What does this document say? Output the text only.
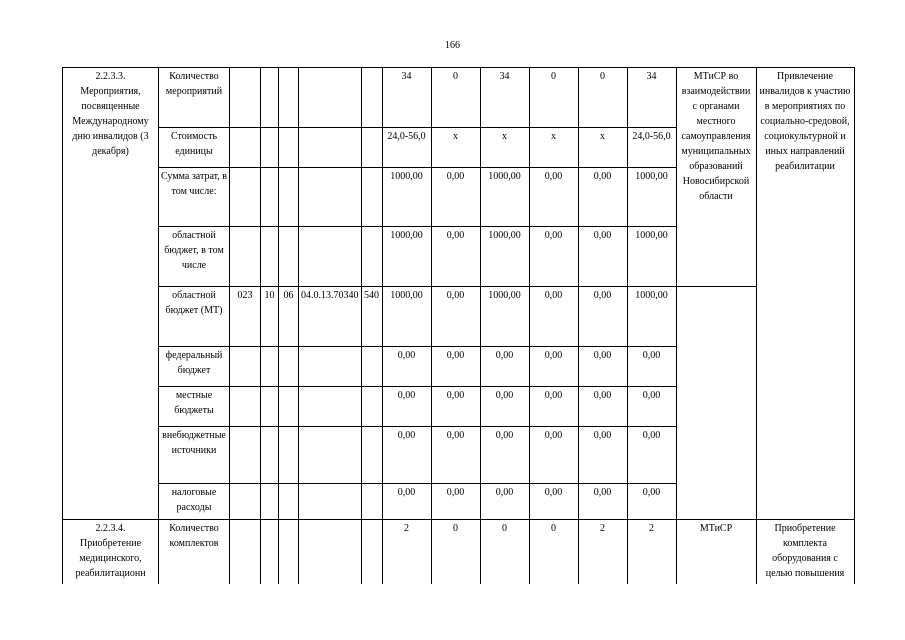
166
2.2.3.3. Мероприятия, посвященные Международному дню инвалидов (3 декабря)	Количество мероприятий						34	0	34	0	0	34	МТиСР во взаимодействии с органами местного самоуправления муниципальных образований Новосибирской области	Привлечение инвалидов к участию в мероприятиях по социально-средовой, социокультурной и иных направлений реабилитации
	Стоимость единицы						24,0-56,0	x	x	x	x	24,0-56,0		
	Сумма затрат, в том числе:						1000,00	0,00	1000,00	0,00	0,00	1000,00		
	областной бюджет, в том числе						1000,00	0,00	1000,00	0,00	0,00	1000,00		
	областной бюджет (МТ)	023	10	06	04.0.13.70340	540	1000,00	0,00	1000,00	0,00	0,00	1000,00		
	федеральный бюджет						0,00	0,00	0,00	0,00	0,00	0,00		
	местные бюджеты						0,00	0,00	0,00	0,00	0,00	0,00		
	внебюджетные источники						0,00	0,00	0,00	0,00	0,00	0,00		
	налоговые расходы						0,00	0,00	0,00	0,00	0,00	0,00		
2.2.3.4. Приобретение медицинского, реабилитационн	Количество комплектов						2	0	0	0	2	2	МТиСР	Приобретение комплекта оборудования с целью повышения
